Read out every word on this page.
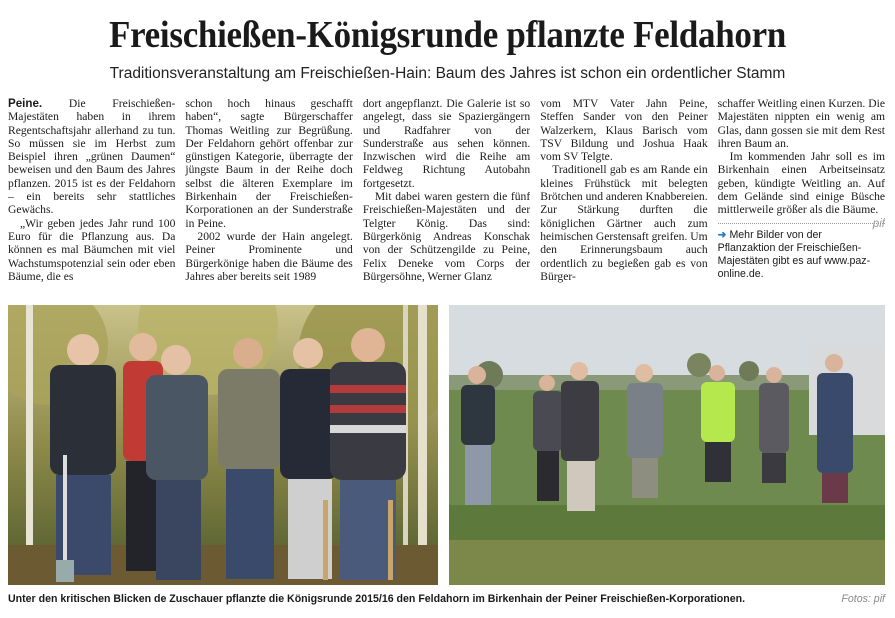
Freischießen-Königsrunde pflanzte Feldahorn
Traditionsveranstaltung am Freischießen-Hain: Baum des Jahres ist schon ein ordentlicher Stamm

Peine. Die Freischießen-Majestäten haben in ihrem Regentschaftsjahr allerhand zu tun. So müssen sie im Herbst zum Beispiel ihren „grünen Daumen“ beweisen und den Baum des Jahres pflanzen. 2015 ist es der Feldahorn – ein bereits sehr stattliches Gewächs.

„Wir geben jedes Jahr rund 100 Euro für die Pflanzung aus. Da können es mal Bäumchen mit viel Wachstumspotenzial sein oder eben Bäume, die es

schon hoch hinaus geschafft haben“, sagte Bürgerschaffer Thomas Weitling zur Begrüßung. Der Feldahorn gehört offenbar zur günstigen Kategorie, überragte der jüngste Baum in der Reihe doch selbst die älteren Exemplare im Birkenhain der Freischießen-Korporationen an der Sunderstraße in Peine.

2002 wurde der Hain angelegt. Peiner Prominente und Bürgerkönige haben die Bäume des Jahres aber bereits seit 1989

dort angepflanzt. Die Galerie ist so angelegt, dass sie Spaziergängern und Radfahrer von der Sunderstraße aus sehen können. Inzwischen wird die Reihe am Feldweg Richtung Autobahn fortgesetzt.

Mit dabei waren gestern die fünf Freischießen-Majestäten und der Telgter König. Das sind: Bürgerkönig Andreas Konschak von der Schützengilde zu Peine, Felix Deneke vom Corps der Bürgersöhne, Werner Glanz

vom MTV Vater Jahn Peine, Steffen Sander von den Peiner Walzerkern, Klaus Barisch vom TSV Bildung und Joshua Haak vom SV Telgte.

Traditionell gab es am Rande ein kleines Frühstück mit belegten Brötchen und anderen Knabbereien. Zur Stärkung durften die königlichen Gärtner auch zum heimischen Gerstensaft greifen. Um den Erinnerungsbaum auch ordentlich zu begießen gab es von Bürger-

schaffer Weitling einen Kurzen. Die Majestäten nippten ein wenig am Glas, dann gossen sie mit dem Rest ihren Baum an.

Im kommenden Jahr soll es im Birkenhain einen Arbeitseinsatz geben, kündigte Weitling an. Auf dem Gelände sind einige Büsche mittlerweile größer als die Bäume.
pif

➜ Mehr Bilder von der Pflanzaktion der Freischießen-Majestäten gibt es auf www.paz-online.de.
Unter den kritischen Blicken de Zuschauer pflanzte die Königsrunde 2015/16 den Feldahorn im Birkenhain der Peiner Freischießen-Korporationen.	Fotos: pif
